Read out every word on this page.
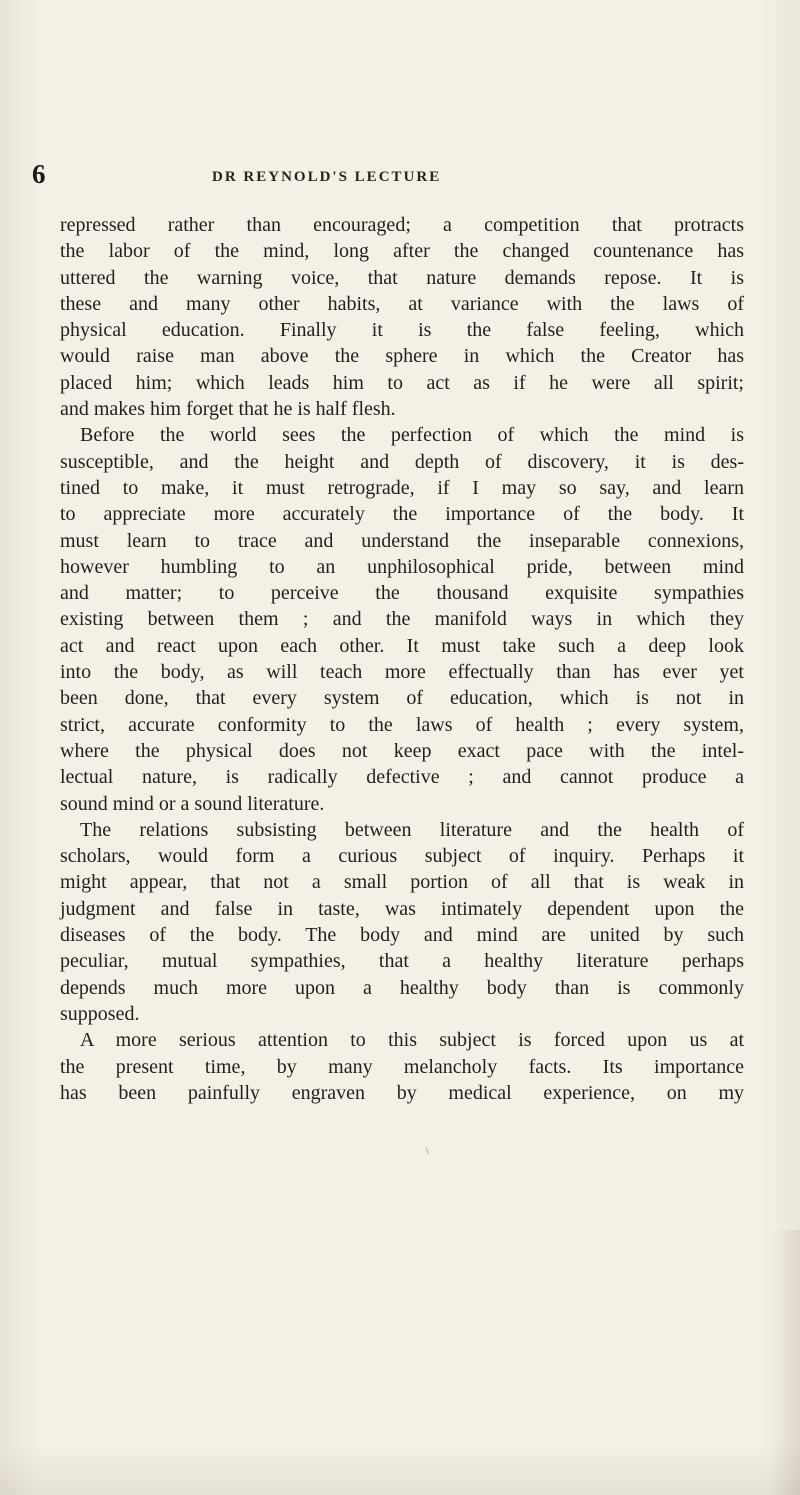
6	DR REYNOLD'S LECTURE
repressed rather than encouraged; a competition that protracts
the labor of the mind, long after the changed countenance has
uttered the warning voice, that nature demands repose. It is
these and many other habits, at variance with the laws of
physical education. Finally it is the false feeling, which
would raise man above the sphere in which the Creator has
placed him; which leads him to act as if he were all spirit;
and makes him forget that he is half flesh.
Before the world sees the perfection of which the mind is
susceptible, and the height and depth of discovery, it is des-
tined to make, it must retrograde, if I may so say, and learn
to appreciate more accurately the importance of the body. It
must learn to trace and understand the inseparable connexions,
however humbling to an unphilosophical pride, between mind
and matter; to perceive the thousand exquisite sympathies
existing between them ; and the manifold ways in which they
act and react upon each other. It must take such a deep look
into the body, as will teach more effectually than has ever yet
been done, that every system of education, which is not in
strict, accurate conformity to the laws of health ; every system,
where the physical does not keep exact pace with the intel-
lectual nature, is radically defective ; and cannot produce a
sound mind or a sound literature.
The relations subsisting between literature and the health of
scholars, would form a curious subject of inquiry. Perhaps it
might appear, that not a small portion of all that is weak in
judgment and false in taste, was intimately dependent upon the
diseases of the body. The body and mind are united by such
peculiar, mutual sympathies, that a healthy literature perhaps
depends much more upon a healthy body than is commonly
supposed.
A more serious attention to this subject is forced upon us at
the present time, by many melancholy facts. Its importance
has been painfully engraven by medical experience, on my
\
